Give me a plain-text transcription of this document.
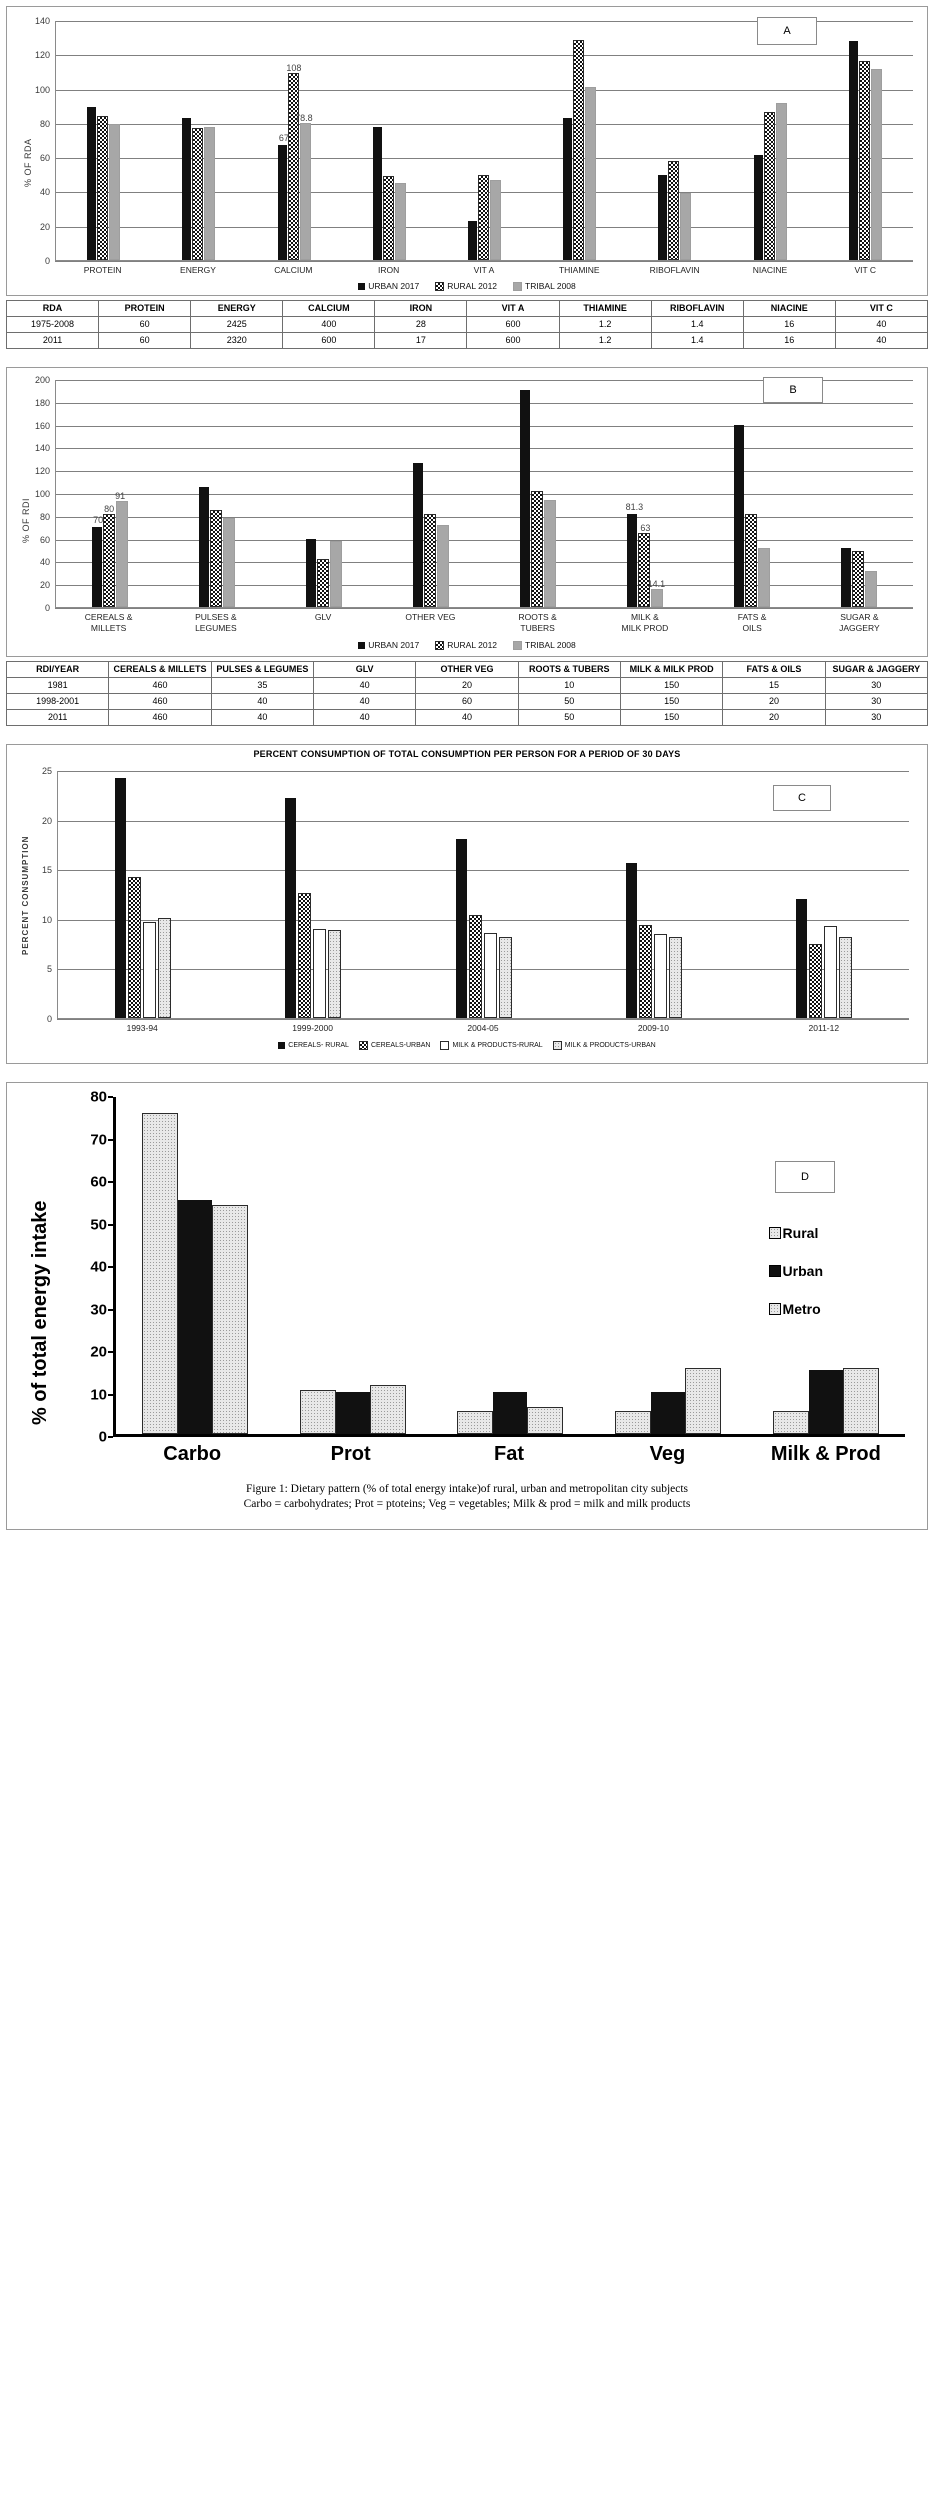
% OF RDA
0
20
40
60
80
100
120
140
67
108
78.8
PROTEIN	ENERGY	CALCIUM	IRON	VIT A	THIAMINE	RIBOFLAVIN	NIACINE	VIT C
URBAN 2017	RURAL 2012	TRIBAL 2008
A
RDA	PROTEIN	ENERGY	CALCIUM	IRON	VIT A	THIAMINE	RIBOFLAVIN	NIACINE	VIT C
1975-2008	60	2425	400	28	600	1.2	1.4	16	40
2011	60	2320	600	17	600	1.2	1.4	16	40
% OF RDI
0
20
40
60
80
100
120
140
160
180
200
70
80
91
81.3
63
14.1
CEREALS &
MILLETS
PULSES &
LEGUMES
GLV	OTHER VEG	ROOTS &
TUBERS
MILK &
MILK PROD
FATS &
OILS
SUGAR &
JAGGERY
URBAN 2017	RURAL 2012	TRIBAL 2008
B
RDI/YEAR	CEREALS & MILLETS	PULSES & LEGUMES	GLV	OTHER VEG	ROOTS & TUBERS	MILK & MILK PROD	FATS & OILS	SUGAR & JAGGERY
1981	460	35	40	20	10	150	15	30
1998-2001	460	40	40	60	50	150	20	30
2011	460	40	40	40	50	150	20	30
PERCENT CONSUMPTION OF TOTAL CONSUMPTION PER PERSON FOR A PERIOD OF 30 DAYS
PERCENT CONSUMPTION
0
5
10
15
20
25
1993-94	1999-2000	2004-05	2009-10	2011-12
CEREALS- RURAL	CEREALS-URBAN	MILK & PRODUCTS-RURAL	MILK & PRODUCTS-URBAN
C
% of total energy intake
0
10
20
30
40
50
60
70
80
Carbo	Prot	Fat	Veg	Milk & Prod
Rural
Urban
Metro
D
Figure 1: Dietary pattern (% of total energy intake)of rural, urban and metropolitan city subjects
Carbo = carbohydrates; Prot = ptoteins; Veg = vegetables; Milk & prod = milk and milk products
